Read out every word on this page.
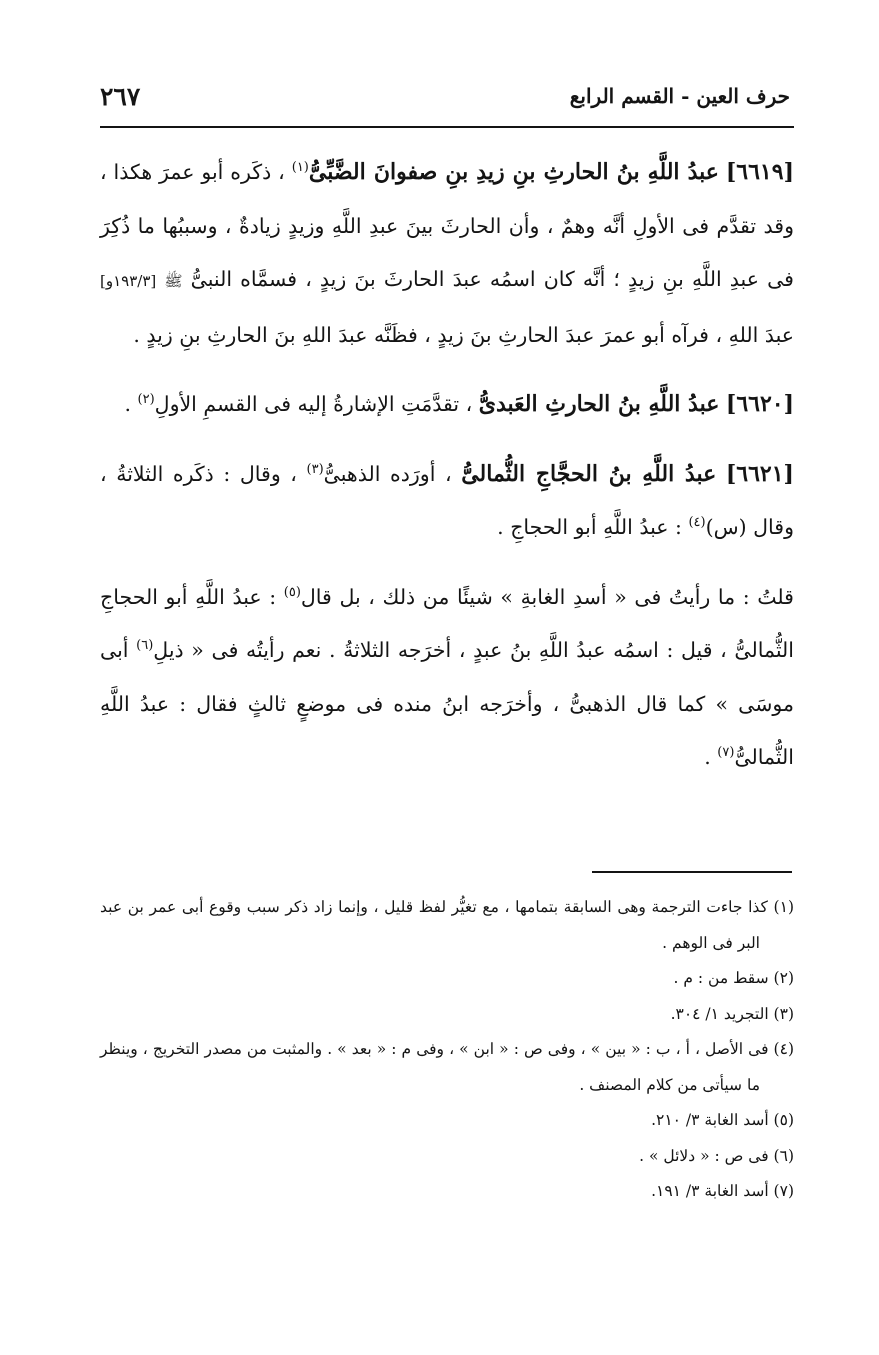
٢٦٧	حرف العين - القسم الرابع

[٦٦١٩] عبدُ اللَّهِ بنُ الحارثِ بنِ زيدِ بنِ صفوانَ الضَّبِّىُّ$^{(١)}$ ، ذكَره أبو عمرَ هكذا ، وقد تقدَّم فى الأولِ أنَّه وهمٌ ، وأن الحارثَ بينَ عبدِ اللَّهِ وزيدٍ زيادةٌ ، وسببُها ما ذُكِرَ فى عبدِ اللَّهِ بنِ زيدٍ ؛ أنَّه كان اسمُه عبدَ الحارثَ بنَ زيدٍ ، فسمَّاه النبىُّ ﷺ [١٩٣/٣و] عبدَ اللهِ ، فرآه أبو عمرَ عبدَ الحارثِ بنَ زيدٍ ، فظَنَّه عبدَ اللهِ بنَ الحارثِ بنِ زيدٍ .

[٦٦٢٠] عبدُ اللَّهِ بنُ الحارثِ العَبدىُّ ، تقدَّمَتِ الإشارةُ إليه فى القسمِ الأولِ$^{(٢)}$ .

[٦٦٢١] عبدُ اللَّهِ بنُ الحجَّاجِ الثُّمالىُّ ، أورَده الذهبىُّ$^{(٣)}$ ، وقال : ذكَره الثلاثةُ ، وقال (س)$^{(٤)}$ : عبدُ اللَّهِ أبو الحجاجِ .

قلتُ : ما رأيتُ فى « أسدِ الغابةِ » شيئًا من ذلك ، بل قال$^{(٥)}$ : عبدُ اللَّهِ أبو الحجاجِ الثُّمالىُّ ، قيل : اسمُه عبدُ اللَّهِ بنُ عبدٍ ، أخرَجه الثلاثةُ . نعم رأيتُه فى « ذيلِ$^{(٦)}$ أبى موسَى » كما قال الذهبىُّ ، وأخرَجه ابنُ منده فى موضعٍ ثالثٍ فقال : عبدُ اللَّهِ الثُّمالىُّ$^{(٧)}$ .

(١) كذا جاءت الترجمة وهى السابقة بتمامها ، مع تغيُّر لفظ قليل ، وإنما زاد ذكر سبب وقوع أبى عمر بن عبد البر فى الوهم .

(٢) سقط من : م .

(٣) التجريد ١/ ٣٠٤.

(٤) فى الأصل ، أ ، ب : « بين » ، وفى ص : « ابن » ، وفى م : « بعد » . والمثبت من مصدر التخريج ، وينظر ما سيأتى من كلام المصنف .

(٥) أسد الغابة ٣/ ٢١٠.

(٦) فى ص : « دلائل » .

(٧) أسد الغابة ٣/ ١٩١.
